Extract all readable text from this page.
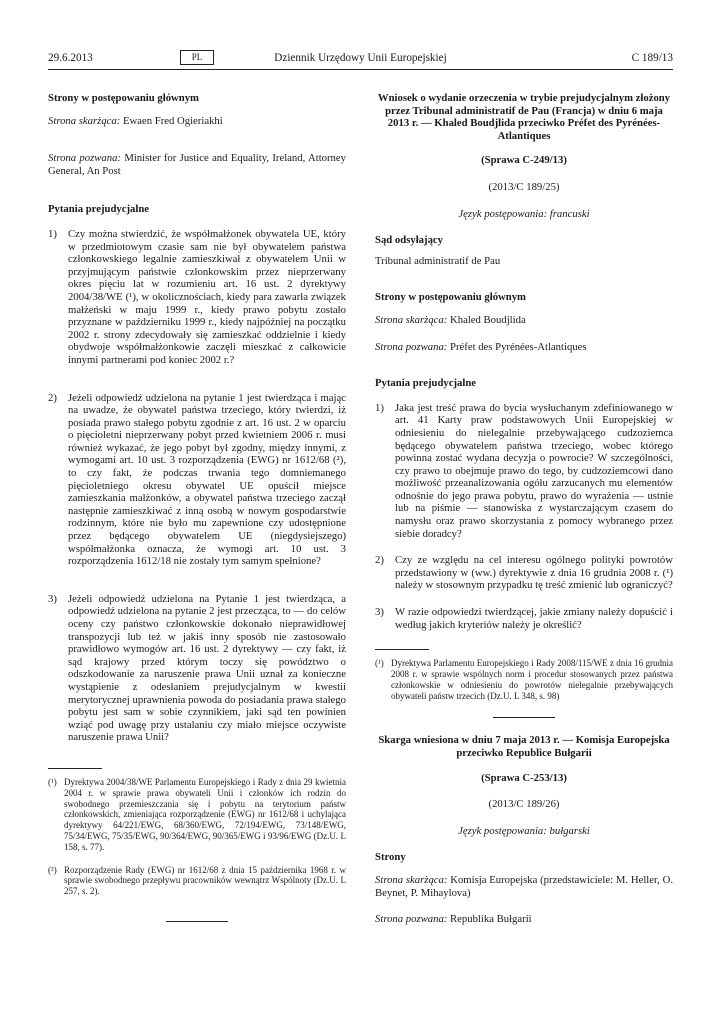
29.6.2013	PL	Dziennik Urzędowy Unii Europejskiej	C 189/13

Strony w postępowaniu głównym

Strona skarżąca: Ewaen Fred Ogieriakhi

Strona pozwana: Minister for Justice and Equality, Ireland, Attorney General, An Post

Pytania prejudycjalne

1) Czy można stwierdzić, że współmałżonek obywatela UE, który w przedmiotowym czasie sam nie był obywatelem państwa członkowskiego legalnie zamieszkiwał z obywatelem Unii w przyjmującym państwie członkowskim przez nieprzerwany okres pięciu lat w rozumieniu art. 16 ust. 2 dyrektywy 2004/38/WE (¹), w okolicznościach, kiedy para zawarła związek małżeński w maju 1999 r., kiedy prawo pobytu zostało przyznane w październiku 1999 r., kiedy najpóźniej na początku 2002 r. strony zdecydowały się zamieszkać oddzielnie i kiedy obydwoje współmałżonkowie zaczęli mieszkać z całkowicie innymi partnerami pod koniec 2002 r.?
2) Jeżeli odpowiedź udzielona na pytanie 1 jest twierdząca i mając na uwadze, że obywatel państwa trzeciego, który twierdzi, iż posiada prawo stałego pobytu zgodnie z art. 16 ust. 2 w oparciu o pięcioletni nieprzerwany pobyt przed kwietniem 2006 r. musi również wykazać, że jego pobyt był zgodny, między innymi, z wymogami art. 10 ust. 3 rozporządzenia (EWG) nr 1612/68 (²), to czy fakt, że podczas trwania tego domniemanego pięcioletniego okresu obywatel UE opuścił miejsce zamieszkania małżonków, a obywatel państwa trzeciego zaczął następnie zamieszkiwać z inną osobą w nowym gospodarstwie rodzinnym, które nie było mu zapewnione czy udostępnione przez będącego obywatelem UE (niegdysiejszego) współmałżonka oznacza, że wymogi art. 10 ust. 3 rozporządzenia 1612/18 nie zostały tym samym spełnione?
3) Jeżeli odpowiedź udzielona na Pytanie 1 jest twierdząca, a odpowiedź udzielona na pytanie 2 jest przecząca, to — do celów oceny czy państwo członkowskie dokonało nieprawidłowej transpozycji lub też w jakiś inny sposób nie zastosowało prawidłowo wymogów art. 16 ust. 2 dyrektywy — czy fakt, iż sąd krajowy przed którym toczy się powództwo o odszkodowanie za naruszenie prawa Unii uznał za konieczne wystąpienie z odesłaniem prejudycjalnym w kwestii merytorycznej uprawnienia powoda do posiadania prawa stałego pobytu jest sam w sobie czynnikiem, jaki sąd ten powinien wziąć pod uwagę przy ustalaniu czy miało miejsce oczywiste naruszenie prawa Unii?

(¹) Dyrektywa 2004/38/WE Parlamentu Europejskiego i Rady z dnia 29 kwietnia 2004 r. w sprawie prawa obywateli Unii i członków ich rodzin do swobodnego przemieszczania się i pobytu na terytorium państw członkowskich, zmieniająca rozporządzenie (EWG) nr 1612/68 i uchylająca dyrektywy 64/221/EWG, 68/360/EWG, 72/194/EWG, 73/148/EWG, 75/34/EWG, 75/35/EWG, 90/364/EWG, 90/365/EWG i 93/96/EWG (Dz.U. L 158, s. 77).

(²) Rozporządzenie Rady (EWG) nr 1612/68 z dnia 15 października 1968 r. w sprawie swobodnego przepływu pracowników wewnątrz Wspólnoty (Dz.U. L 257, s. 2).

Wniosek o wydanie orzeczenia w trybie prejudycjalnym złożony przez Tribunal administratif de Pau (Francja) w dniu 6 maja 2013 r. — Khaled Boudjlida przeciwko Préfet des Pyrénées-Atlantiques

(Sprawa C-249/13)

(2013/C 189/25)

Język postępowania: francuski

Sąd odsyłający

Tribunal administratif de Pau

Strony w postępowaniu głównym

Strona skarżąca: Khaled Boudjlida

Strona pozwana: Préfet des Pyrénées-Atlantiques

Pytania prejudycjalne

1) Jaka jest treść prawa do bycia wysłuchanym zdefiniowanego w art. 41 Karty praw podstawowych Unii Europejskiej w odniesieniu do nielegalnie przebywającego cudzoziemca będącego obywatelem państwa trzeciego, wobec którego powinna zostać wydana decyzja o powrocie? W szczególności, czy prawo to obejmuje prawo do tego, by cudzoziemcowi dano możliwość przeanalizowania ogółu zarzucanych mu elementów odnośnie do jego prawa pobytu, prawo do wyrażenia — ustnie lub na piśmie — stanowiska z wystarczającym czasem do namysłu oraz prawo skorzystania z pomocy wybranego przez siebie doradcy?
2) Czy ze względu na cel interesu ogólnego polityki powrotów przedstawiony w (ww.) dyrektywie z dnia 16 grudnia 2008 r. (¹) należy w stosownym przypadku tę treść zmienić lub ograniczyć?
3) W razie odpowiedzi twierdzącej, jakie zmiany należy dopuścić i według jakich kryteriów należy je określić?

(¹) Dyrektywa Parlamentu Europejskiego i Rady 2008/115/WE z dnia 16 grudnia 2008 r. w sprawie wspólnych norm i procedur stosowanych przez państwa członkowskie w odniesieniu do powrotów nielegalnie przebywających obywateli państw trzecich (Dz.U. L 348, s. 98)

Skarga wniesiona w dniu 7 maja 2013 r. — Komisja Europejska przeciwko Republice Bułgarii

(Sprawa C-253/13)

(2013/C 189/26)

Język postępowania: bułgarski

Strony

Strona skarżąca: Komisja Europejska (przedstawiciele: M. Heller, O. Beynet, P. Mihaylova)

Strona pozwana: Republika Bułgarii
